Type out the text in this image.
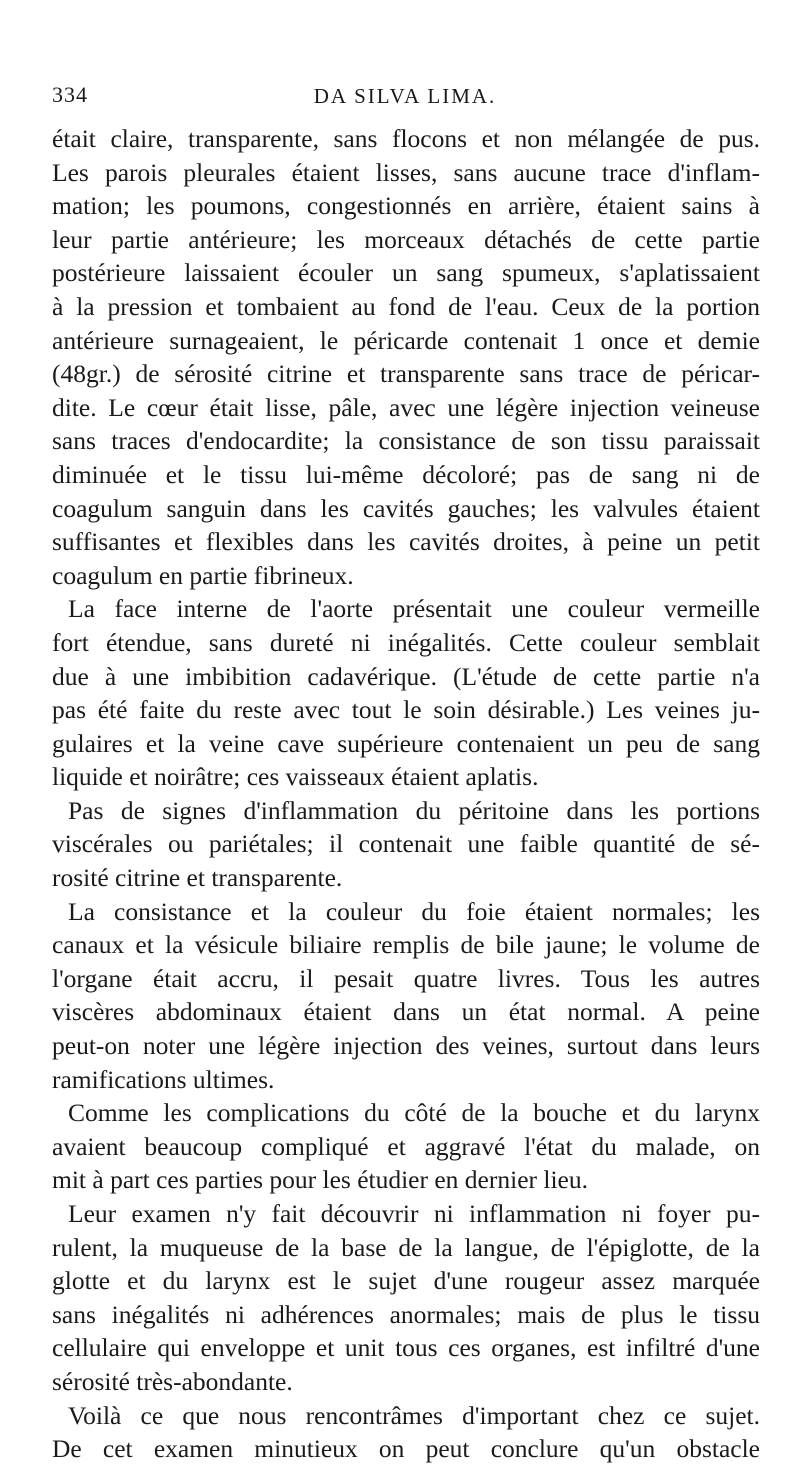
334	DA SILVA LIMA.
était claire, transparente, sans flocons et non mélangée de pus.
Les parois pleurales étaient lisses, sans aucune trace d'inflam-
mation; les poumons, congestionnés en arrière, étaient sains à
leur partie antérieure; les morceaux détachés de cette partie
postérieure laissaient écouler un sang spumeux, s'aplatissaient
à la pression et tombaient au fond de l'eau. Ceux de la portion
antérieure surnageaient, le péricarde contenait 1 once et demie
(48gr.) de sérosité citrine et transparente sans trace de péricar-
dite. Le cœur était lisse, pâle, avec une légère injection veineuse
sans traces d'endocardite; la consistance de son tissu paraissait
diminuée et le tissu lui-même décoloré; pas de sang ni de
coagulum sanguin dans les cavités gauches; les valvules étaient
suffisantes et flexibles dans les cavités droites, à peine un petit
coagulum en partie fibrineux.
La face interne de l'aorte présentait une couleur vermeille
fort étendue, sans dureté ni inégalités. Cette couleur semblait
due à une imbibition cadavérique. (L'étude de cette partie n'a
pas été faite du reste avec tout le soin désirable.) Les veines ju-
gulaires et la veine cave supérieure contenaient un peu de sang
liquide et noirâtre; ces vaisseaux étaient aplatis.
Pas de signes d'inflammation du péritoine dans les portions
viscérales ou pariétales; il contenait une faible quantité de sé-
rosité citrine et transparente.
La consistance et la couleur du foie étaient normales; les
canaux et la vésicule biliaire remplis de bile jaune; le volume de
l'organe était accru, il pesait quatre livres. Tous les autres
viscères abdominaux étaient dans un état normal. A peine
peut-on noter une légère injection des veines, surtout dans leurs
ramifications ultimes.
Comme les complications du côté de la bouche et du larynx
avaient beaucoup compliqué et aggravé l'état du malade, on
mit à part ces parties pour les étudier en dernier lieu.
Leur examen n'y fait découvrir ni inflammation ni foyer pu-
rulent, la muqueuse de la base de la langue, de l'épiglotte, de la
glotte et du larynx est le sujet d'une rougeur assez marquée
sans inégalités ni adhérences anormales; mais de plus le tissu
cellulaire qui enveloppe et unit tous ces organes, est infiltré d'une
sérosité très-abondante.
Voilà ce que nous rencontrâmes d'important chez ce sujet.
De cet examen minutieux on peut conclure qu'un obstacle
